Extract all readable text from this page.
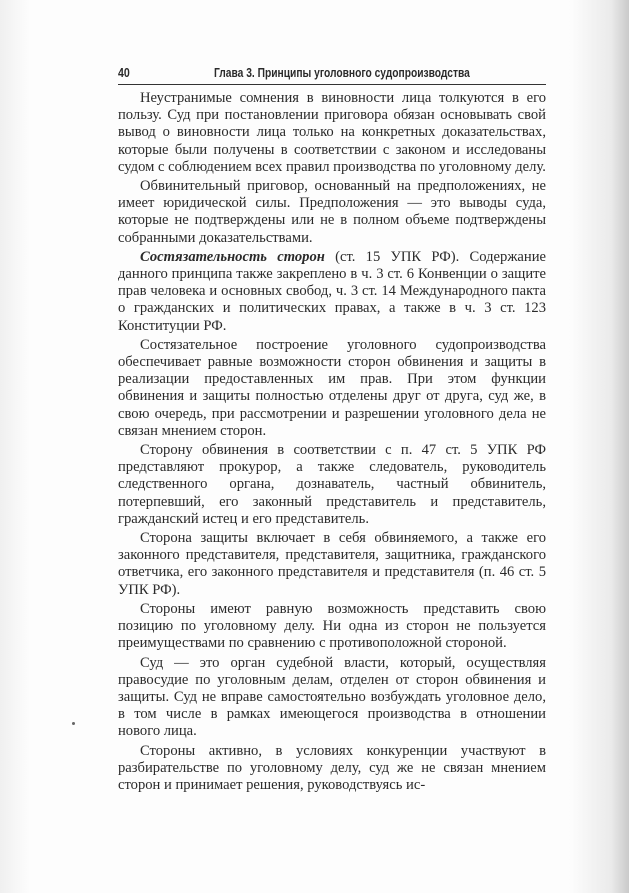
40	Глава 3. Принципы уголовного судопроизводства

Неустранимые сомнения в виновности лица толкуются в его пользу. Суд при постановлении приговора обязан основывать свой вывод о виновности лица только на конкретных доказательствах, которые были получены в соответствии с законом и исследованы судом с соблюдением всех правил производства по уголовному делу.

Обвинительный приговор, основанный на предположениях, не имеет юридической силы. Предположения — это выводы суда, которые не подтверждены или не в полном объеме подтверждены собранными доказательствами.

Состязательность сторон (ст. 15 УПК РФ). Содержание данного принципа также закреплено в ч. 3 ст. 6 Конвенции о защите прав человека и основных свобод, ч. 3 ст. 14 Международного пакта о гражданских и политических правах, а также в ч. 3 ст. 123 Конституции РФ.

Состязательное построение уголовного судопроизводства обеспечивает равные возможности сторон обвинения и защиты в реализации предоставленных им прав. При этом функции обвинения и защиты полностью отделены друг от друга, суд же, в свою очередь, при рассмотрении и разрешении уголовного дела не связан мнением сторон.

Сторону обвинения в соответствии с п. 47 ст. 5 УПК РФ представляют прокурор, а также следователь, руководитель следственного органа, дознаватель, частный обвинитель, потерпевший, его законный представитель и представитель, гражданский истец и его представитель.

Сторона защиты включает в себя обвиняемого, а также его законного представителя, представителя, защитника, гражданского ответчика, его законного представителя и представителя (п. 46 ст. 5 УПК РФ).

Стороны имеют равную возможность представить свою позицию по уголовному делу. Ни одна из сторон не пользуется преимуществами по сравнению с противоположной стороной.

Суд — это орган судебной власти, который, осуществляя правосудие по уголовным делам, отделен от сторон обвинения и защиты. Суд не вправе самостоятельно возбуждать уголовное дело, в том числе в рамках имеющегося производства в отношении нового лица.

Стороны активно, в условиях конкуренции участвуют в разбирательстве по уголовному делу, суд же не связан мнением сторон и принимает решения, руководствуясь ис-
